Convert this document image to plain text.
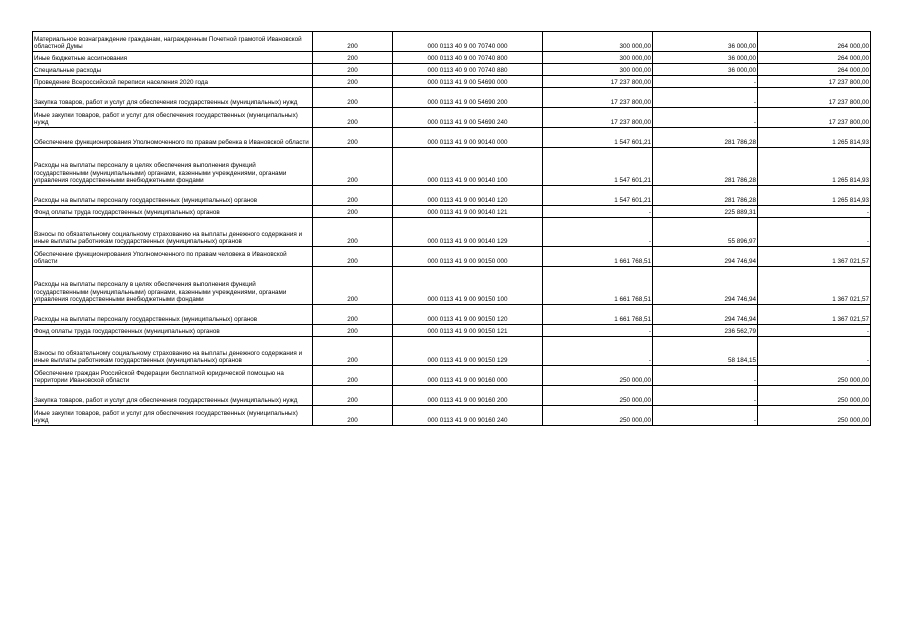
Материальное вознаграждение гражданам, награжденным Почетной грамотой Ивановской областной Думы	200	000 0113 40 9 00 70740 000	300 000,00	36 000,00	264 000,00
Иные бюджетные ассигнования	200	000 0113 40 9 00 70740 800	300 000,00	36 000,00	264 000,00
Специальные расходы	200	000 0113 40 9 00 70740 880	300 000,00	36 000,00	264 000,00
Проведение Всероссийской переписи населения 2020 года	200	000 0113 41 9 00 54690 000	17 237 800,00	-	17 237 800,00
Закупка товаров, работ и услуг для обеспечения государственных (муниципальных) нужд	200	000 0113 41 9 00 54690 200	17 237 800,00	-	17 237 800,00
Иные закупки товаров, работ и услуг для обеспечения государственных (муниципальных) нужд	200	000 0113 41 9 00 54690 240	17 237 800,00	-	17 237 800,00
Обеспечение функционирования Уполномоченного по правам ребенка в Ивановской области	200	000 0113 41 9 00 90140 000	1 547 601,21	281 786,28	1 265 814,93
Расходы на выплаты персоналу в целях обеспечения выполнения функций государственными (муниципальными) органами, казенными учреждениями, органами управления государственными внебюджетными фондами	200	000 0113 41 9 00 90140 100	1 547 601,21	281 786,28	1 265 814,93
Расходы на выплаты персоналу государственных (муниципальных) органов	200	000 0113 41 9 00 90140 120	1 547 601,21	281 786,28	1 265 814,93
Фонд оплаты труда государственных (муниципальных) органов	200	000 0113 41 9 00 90140 121	-	225 889,31	-
Взносы по обязательному социальному страхованию на выплаты денежного содержания и иные выплаты работникам государственных (муниципальных) органов	200	000 0113 41 9 00 90140 129	-	55 896,97	-
Обеспечение функционирования Уполномоченного по правам человека в Ивановской области	200	000 0113 41 9 00 90150 000	1 661 768,51	294 746,94	1 367 021,57
Расходы на выплаты персоналу в целях обеспечения выполнения функций государственными (муниципальными) органами, казенными учреждениями, органами управления государственными внебюджетными фондами	200	000 0113 41 9 00 90150 100	1 661 768,51	294 746,94	1 367 021,57
Расходы на выплаты персоналу государственных (муниципальных) органов	200	000 0113 41 9 00 90150 120	1 661 768,51	294 746,94	1 367 021,57
Фонд оплаты труда государственных (муниципальных) органов	200	000 0113 41 9 00 90150 121	-	236 562,79	-
Взносы по обязательному социальному страхованию на выплаты денежного содержания и иные выплаты работникам государственных (муниципальных) органов	200	000 0113 41 9 00 90150 129	-	58 184,15	-
Обеспечение граждан Российской Федерации бесплатной юридической помощью на территории Ивановской области	200	000 0113 41 9 00 90160 000	250 000,00	-	250 000,00
Закупка товаров, работ и услуг для обеспечения государственных (муниципальных) нужд	200	000 0113 41 9 00 90160 200	250 000,00	-	250 000,00
Иные закупки товаров, работ и услуг для обеспечения государственных (муниципальных) нужд	200	000 0113 41 9 00 90160 240	250 000,00	-	250 000,00
